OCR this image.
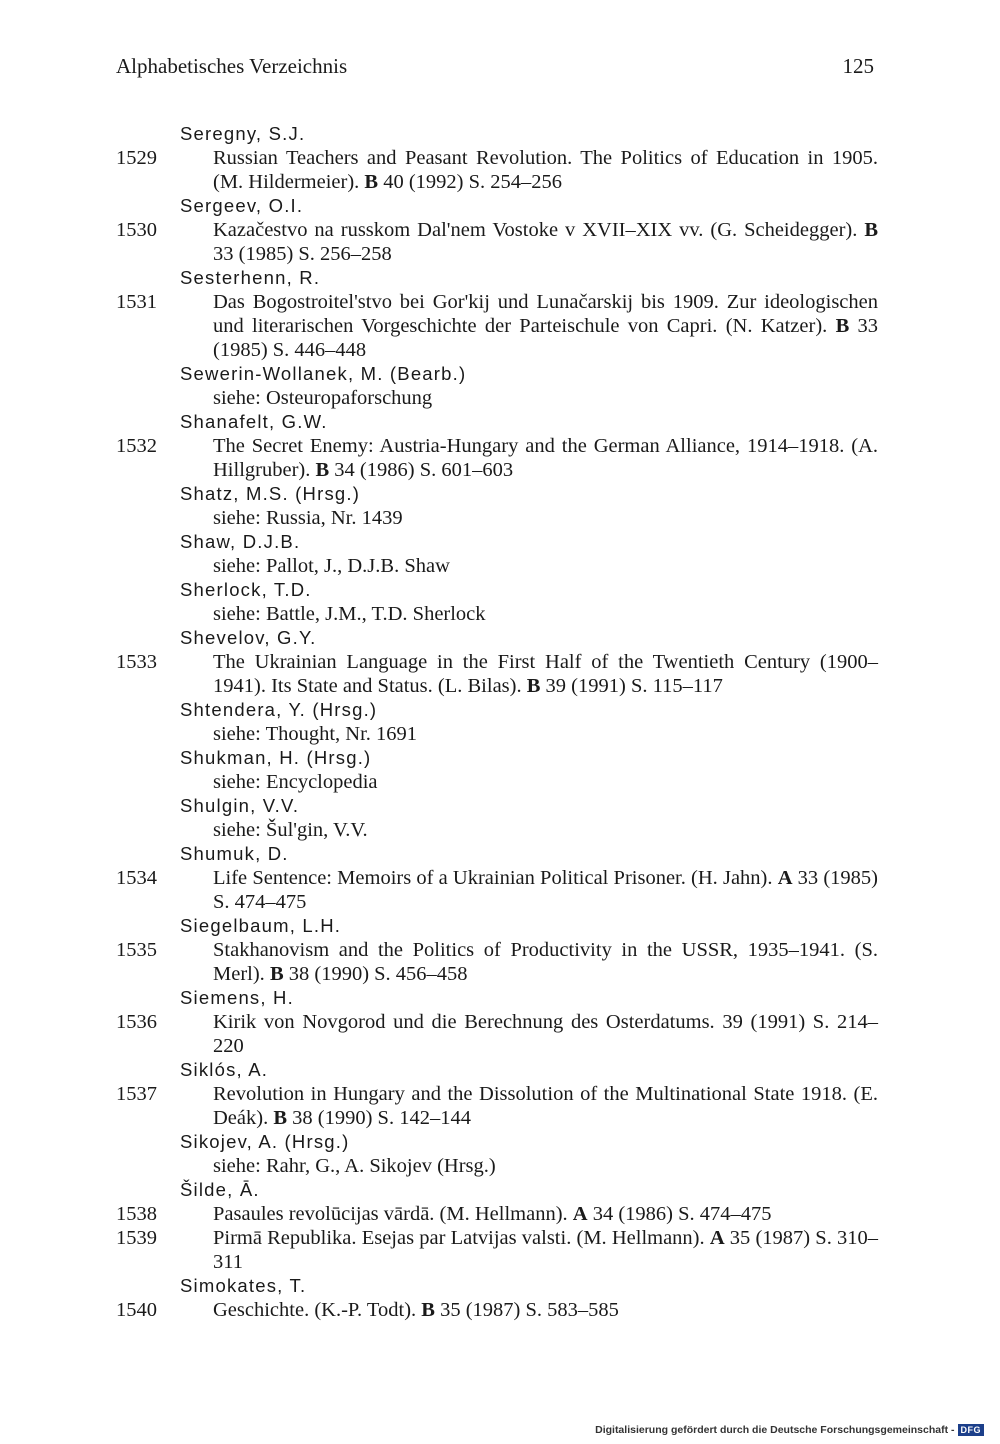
Alphabetisches Verzeichnis	125
Seregny, S.J.
1529	Russian Teachers and Peasant Revolution. The Politics of Education in 1905. (M. Hildermeier). B 40 (1992) S. 254–256
Sergeev, O.I.
1530	Kazačestvo na russkom Dal'nem Vostoke v XVII–XIX vv. (G. Scheidegger). B 33 (1985) S. 256–258
Sesterhenn, R.
1531	Das Bogostroitel'stvo bei Gor'kij und Lunačarskij bis 1909. Zur ideologischen und literarischen Vorgeschichte der Parteischule von Capri. (N. Katzer). B 33 (1985) S. 446–448
Sewerin-Wollanek, M. (Bearb.)
siehe: Osteuropaforschung
Shanafelt, G.W.
1532	The Secret Enemy: Austria-Hungary and the German Alliance, 1914–1918. (A. Hillgruber). B 34 (1986) S. 601–603
Shatz, M.S. (Hrsg.)
siehe: Russia, Nr. 1439
Shaw, D.J.B.
siehe: Pallot, J., D.J.B. Shaw
Sherlock, T.D.
siehe: Battle, J.M., T.D. Sherlock
Shevelov, G.Y.
1533	The Ukrainian Language in the First Half of the Twentieth Century (1900–1941). Its State and Status. (L. Bilas). B 39 (1991) S. 115–117
Shtendera, Y. (Hrsg.)
siehe: Thought, Nr. 1691
Shukman, H. (Hrsg.)
siehe: Encyclopedia
Shulgin, V.V.
siehe: Šul'gin, V.V.
Shumuk, D.
1534	Life Sentence: Memoirs of a Ukrainian Political Prisoner. (H. Jahn). A 33 (1985) S. 474–475
Siegelbaum, L.H.
1535	Stakhanovism and the Politics of Productivity in the USSR, 1935–1941. (S. Merl). B 38 (1990) S. 456–458
Siemens, H.
1536	Kirik von Novgorod und die Berechnung des Osterdatums. 39 (1991) S. 214–220
Siklós, A.
1537	Revolution in Hungary and the Dissolution of the Multinational State 1918. (E. Deák). B 38 (1990) S. 142–144
Sikojev, A. (Hrsg.)
siehe: Rahr, G., A. Sikojev (Hrsg.)
Šilde, Ā.
1538	Pasaules revolūcijas vārdā. (M. Hellmann). A 34 (1986) S. 474–475
1539	Pirmā Republika. Esejas par Latvijas valsti. (M. Hellmann). A 35 (1987) S. 310–311
Simokates, T.
1540	Geschichte. (K.-P. Todt). B 35 (1987) S. 583–585
Digitalisierung gefördert durch die Deutsche Forschungsgemeinschaft - DFG
